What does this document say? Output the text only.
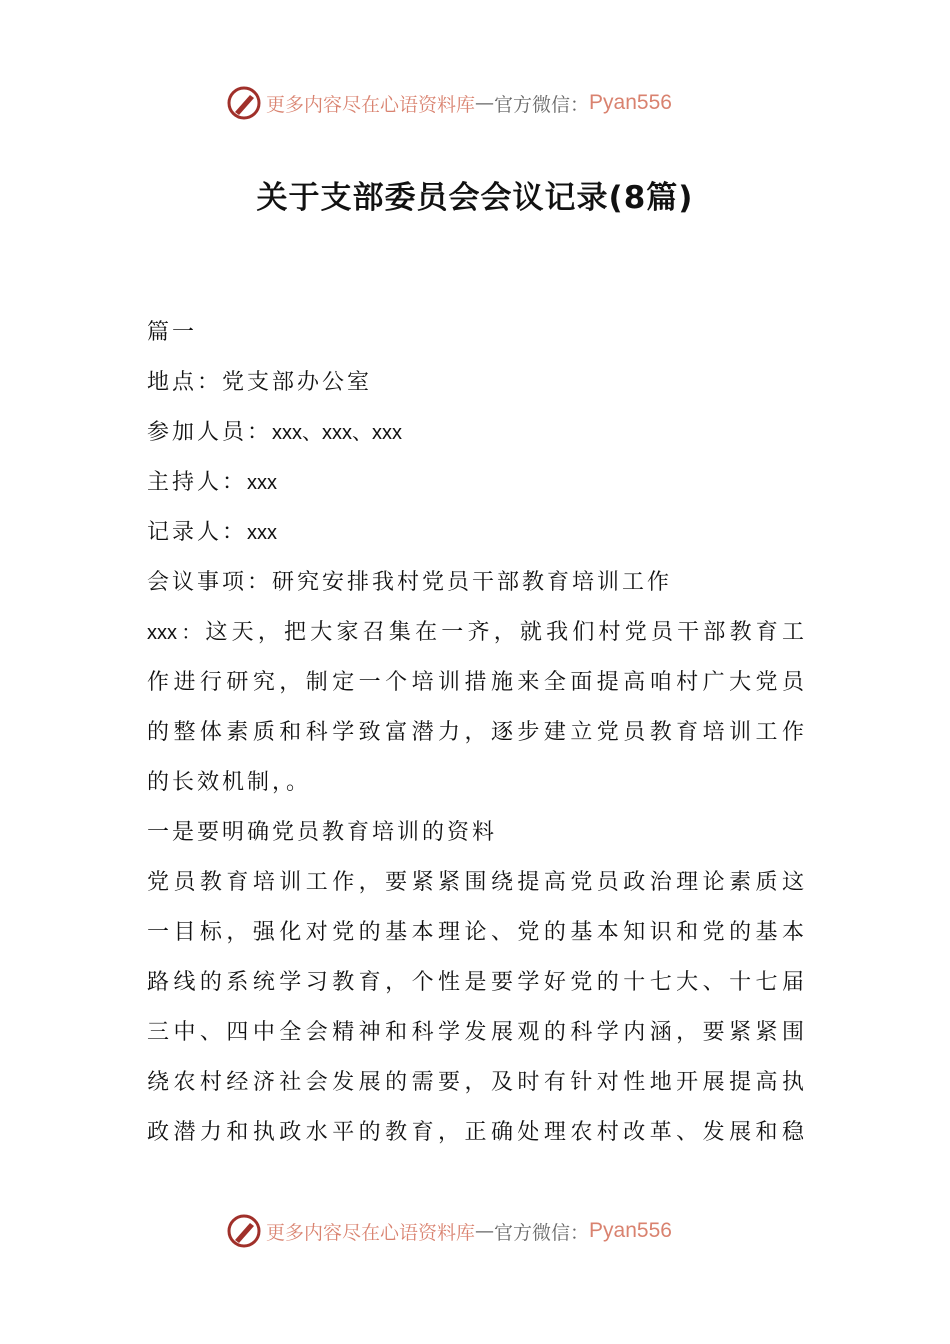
更多内容尽在心语资料库 — 官方微信： Pyan556
关于支部委员会会议记录(8篇)
篇一
地点：党支部办公室
参加人员：xxx、xxx、xxx
主持人：xxx
记录人：xxx
会议事项：研究安排我村党员干部教育培训工作
xxx：这天，把大家召集在一齐，就我们村党员干部教育工
作进行研究，制定一个培训措施来全面提高咱村广大党员
的整体素质和科学致富潜力，逐步建立党员教育培训工作
的长效机制，。
一是要明确党员教育培训的资料
党员教育培训工作，要紧紧围绕提高党员政治理论素质这
一目标，强化对党的基本理论、党的基本知识和党的基本
路线的系统学习教育，个性是要学好党的十七大、十七届
三中、四中全会精神和科学发展观的科学内涵，要紧紧围
绕农村经济社会发展的需要，及时有针对性地开展提高执
政潜力和执政水平的教育，正确处理农村改革、发展和稳
更多内容尽在心语资料库 — 官方微信： Pyan556
